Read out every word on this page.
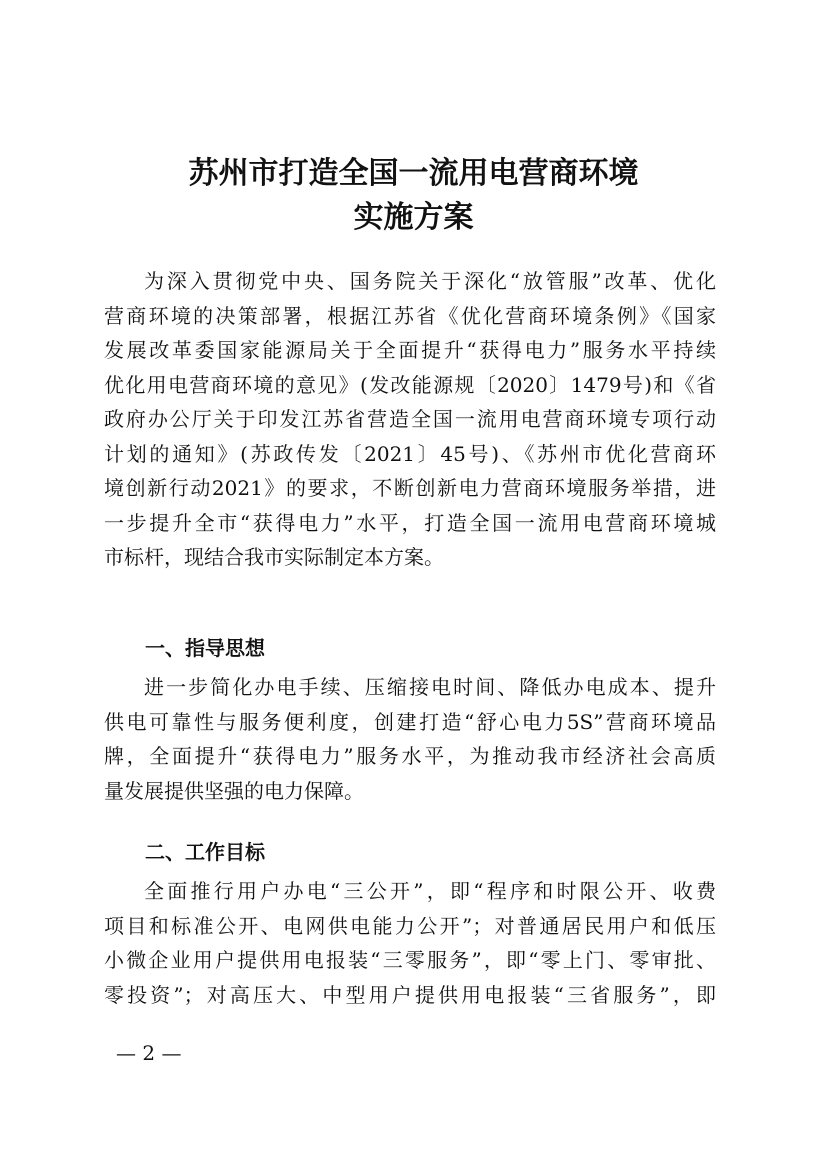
苏州市打造全国一流用电营商环境
实施方案
为深入贯彻党中央、国务院关于深化“放管服”改革、优化
营商环境的决策部署，根据江苏省《优化营商环境条例》《国家
发展改革委国家能源局关于全面提升“获得电力”服务水平持续
优化用电营商环境的意见》(发改能源规〔2020〕1479号)和《省
政府办公厅关于印发江苏省营造全国一流用电营商环境专项行动
计划的通知》(苏政传发〔2021〕45号)、《苏州市优化营商环
境创新行动2021》的要求，不断创新电力营商环境服务举措，进
一步提升全市“获得电力”水平，打造全国一流用电营商环境城
市标杆，现结合我市实际制定本方案。
一、指导思想
进一步简化办电手续、压缩接电时间、降低办电成本、提升
供电可靠性与服务便利度，创建打造“舒心电力5S”营商环境品
牌，全面提升“获得电力”服务水平，为推动我市经济社会高质
量发展提供坚强的电力保障。
二、工作目标
全面推行用户办电“三公开”，即“程序和时限公开、收费
项目和标准公开、电网供电能力公开”；对普通居民用户和低压
小微企业用户提供用电报装“三零服务”，即“零上门、零审批、
零投资”；对高压大、中型用户提供用电报装“三省服务”，即
— 2 —
